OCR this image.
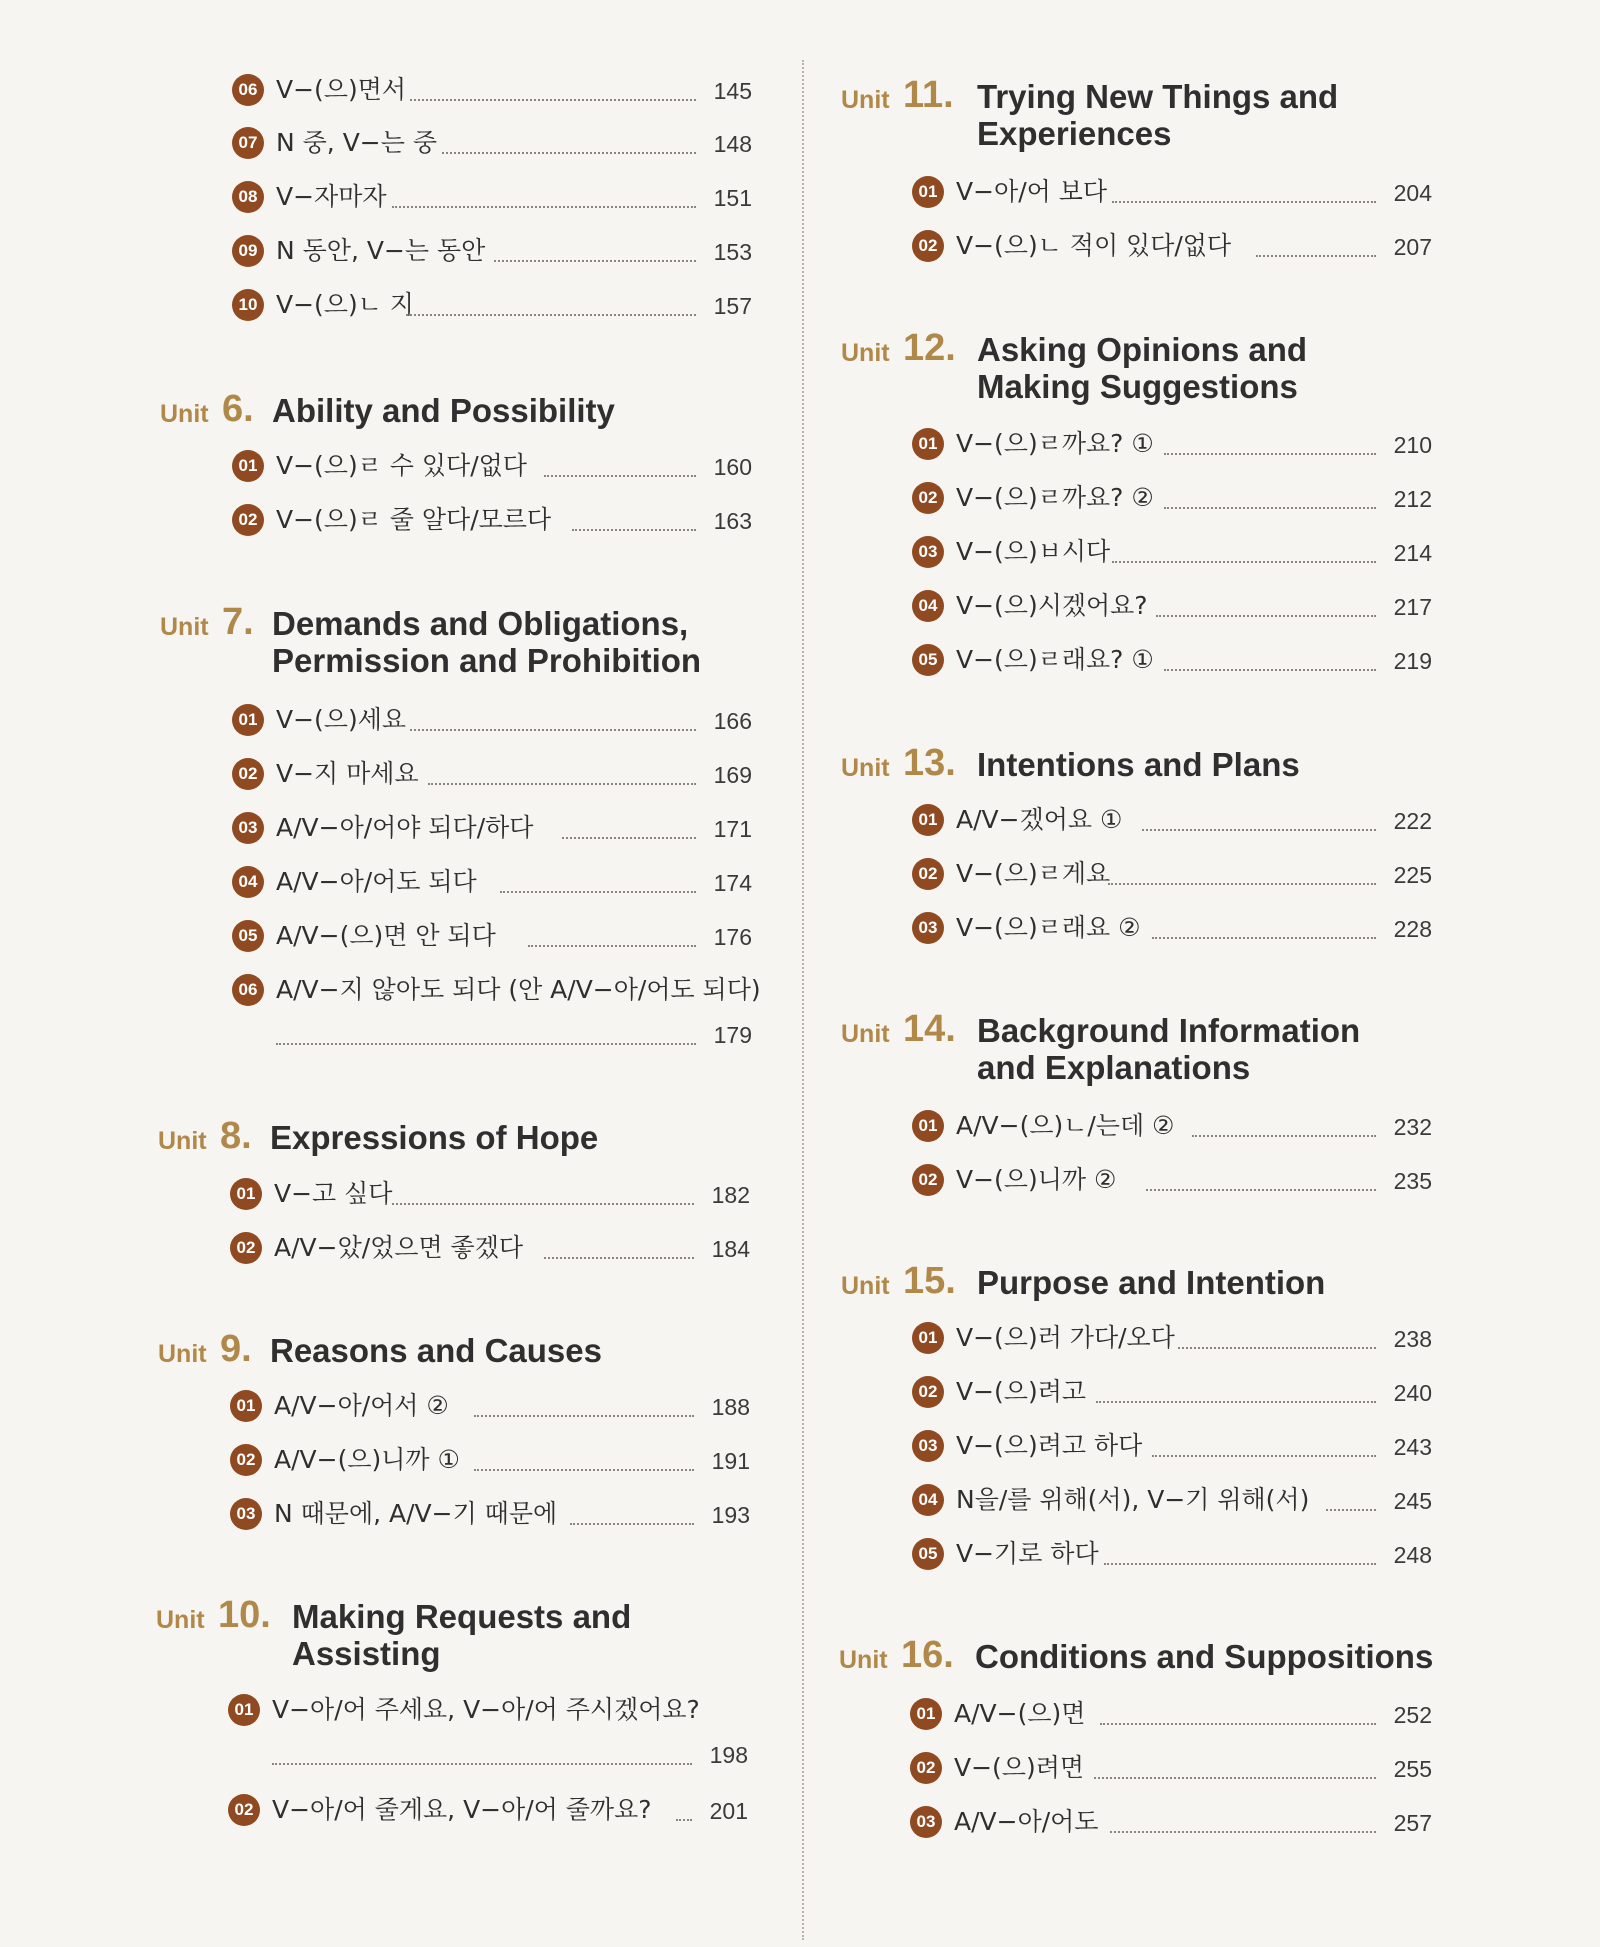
06 V−(으)면서	145
07 N 중, V−는 중	148
08 V−자마자	151
09 N 동안, V−는 동안	153
10 V−(으)ㄴ 지	157
Unit 6. Ability and Possibility
01 V−(으)ㄹ 수 있다/없다	160
02 V−(으)ㄹ 줄 알다/모르다	163
Unit 7. Demands and Obligations,
Permission and Prohibition
01 V−(으)세요	166
02 V−지 마세요	169
03 A/V−아/어야 되다/하다	171
04 A/V−아/어도 되다	174
05 A/V−(으)면 안 되다	176
06 A/V−지 않아도 되다 (안 A/V−아/어도 되다)
179
Unit 8. Expressions of Hope
01 V−고 싶다	182
02 A/V−았/었으면 좋겠다	184
Unit 9. Reasons and Causes
01 A/V−아/어서 ②	188
02 A/V−(으)니까 ①	191
03 N 때문에, A/V−기 때문에	193
Unit 10. Making Requests and
Assisting
01 V−아/어 주세요, V−아/어 주시겠어요?
198
02 V−아/어 줄게요, V−아/어 줄까요?	201
Unit 11. Trying New Things and
Experiences
01 V−아/어 보다	204
02 V−(으)ㄴ 적이 있다/없다	207
Unit 12. Asking Opinions and
Making Suggestions
01 V−(으)ㄹ까요? ①	210
02 V−(으)ㄹ까요? ②	212
03 V−(으)ㅂ시다	214
04 V−(으)시겠어요?	217
05 V−(으)ㄹ래요? ①	219
Unit 13. Intentions and Plans
01 A/V−겠어요 ①	222
02 V−(으)ㄹ게요	225
03 V−(으)ㄹ래요 ②	228
Unit 14. Background Information
and Explanations
01 A/V−(으)ㄴ/는데 ②	232
02 V−(으)니까 ②	235
Unit 15. Purpose and Intention
01 V−(으)러 가다/오다	238
02 V−(으)려고	240
03 V−(으)려고 하다	243
04 N을/를 위해(서), V−기 위해(서)	245
05 V−기로 하다	248
Unit 16. Conditions and Suppositions
01 A/V−(으)면	252
02 V−(으)려면	255
03 A/V−아/어도	257
